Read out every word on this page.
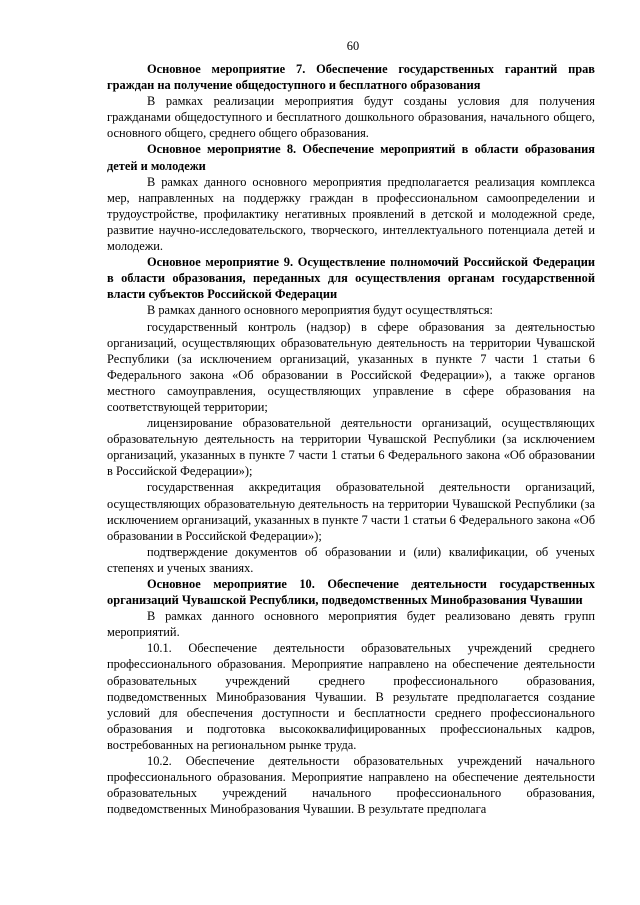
60

Основное мероприятие 7. Обеспечение государственных гарантий прав граждан на получение общедоступного и бесплатного образования

В рамках реализации мероприятия будут созданы условия для получения гражданами общедоступного и бесплатного дошкольного образования, начального общего, основного общего, среднего общего образования.

Основное мероприятие 8. Обеспечение мероприятий в области образования детей и молодежи

В рамках данного основного мероприятия предполагается реализация комплекса мер, направленных на поддержку граждан в профессиональном самоопределении и трудоустройстве, профилактику негативных проявлений в детской и молодежной среде, развитие научно-исследовательского, творческого, интеллектуального потенциала детей и молодежи.

Основное мероприятие 9. Осуществление полномочий Российской Федерации в области образования, переданных для осуществления органам государственной власти субъектов Российской Федерации

В рамках данного основного мероприятия будут осуществляться:

государственный контроль (надзор) в сфере образования за деятельностью организаций, осуществляющих образовательную деятельность на территории Чувашской Республики (за исключением организаций, указанных в пункте 7 части 1 статьи 6 Федерального закона «Об образовании в Российской Федерации»), а также органов местного самоуправления, осуществляющих управление в сфере образования на соответствующей территории;

лицензирование образовательной деятельности организаций, осуществляющих образовательную деятельность на территории Чувашской Республики (за исключением организаций, указанных в пункте 7 части 1 статьи 6 Федерального закона «Об образовании в Российской Федерации»);

государственная аккредитация образовательной деятельности организаций, осуществляющих образовательную деятельность на территории Чувашской Республики (за исключением организаций, указанных в пункте 7 части 1 статьи 6 Федерального закона «Об образовании в Российской Федерации»);

подтверждение документов об образовании и (или) квалификации, об ученых степенях и ученых званиях.

Основное мероприятие 10. Обеспечение деятельности государственных организаций Чувашской Республики, подведомственных Минобразования Чувашии

В рамках данного основного мероприятия будет реализовано девять групп мероприятий.

10.1. Обеспечение деятельности образовательных учреждений среднего профессионального образования. Мероприятие направлено на обеспечение деятельности образовательных учреждений среднего профессионального образования, подведомственных Минобразования Чувашии. В результате предполагается создание условий для обеспечения доступности и бесплатности среднего профессионального образования и подготовка высококвалифицированных профессиональных кадров, востребованных на региональном рынке труда.

10.2. Обеспечение деятельности образовательных учреждений начального профессионального образования. Мероприятие направлено на обеспечение деятельности образовательных учреждений начального профессионального образования, подведомственных Минобразования Чувашии. В результате предполага
